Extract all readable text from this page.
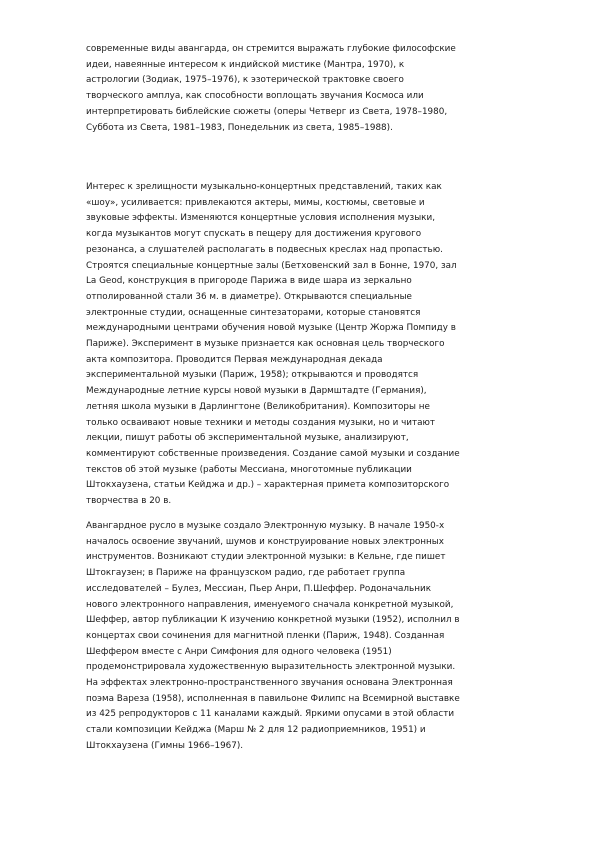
современные виды авангарда, он стремится выражать глубокие философские
идеи, навеянные интересом к индийской мистике (Мантра, 1970), к
астрологии (Зодиак, 1975–1976), к эзотерической трактовке своего
творческого амплуа, как способности воплощать звучания Космоса или
интерпретировать библейские сюжеты (оперы Четверг из Света, 1978–1980,
Суббота из Света, 1981–1983, Понедельник из света, 1985–1988).

Интерес к зрелищности музыкально-концертных представлений, таких как
«шоу», усиливается: привлекаются актеры, мимы, костюмы, световые и
звуковые эффекты. Изменяются концертные условия исполнения музыки,
когда музыкантов могут спускать в пещеру для достижения кругового
резонанса, а слушателей располагать в подвесных креслах над пропастью.
Строятся специальные концертные залы (Бетховенский зал в Бонне, 1970, зал
La Geod, конструкция в пригороде Парижа в виде шара из зеркально
отполированной стали 36 м. в диаметре). Открываются специальные
электронные студии, оснащенные синтезаторами, которые становятся
международными центрами обучения новой музыке (Центр Жоржа Помпиду в
Париже). Эксперимент в музыке признается как основная цель творческого
акта композитора. Проводится Первая международная декада
экспериментальной музыки (Париж, 1958); открываются и проводятся
Международные летние курсы новой музыки в Дармштадте (Германия),
летняя школа музыки в Дарлингтоне (Великобритания). Композиторы не
только осваивают новые техники и методы создания музыки, но и читают
лекции, пишут работы об экспериментальной музыке, анализируют,
комментируют собственные произведения. Создание самой музыки и создание
текстов об этой музыке (работы Мессиана, многотомные публикации
Штокхаузена, статьи Кейджа и др.) – характерная примета композиторского
творчества в 20 в.

Авангардное русло в музыке создало Электронную музыку. В начале 1950-х
началось освоение звучаний, шумов и конструирование новых электронных
инструментов. Возникают студии электронной музыки: в Кельне, где пишет
Штокгаузен; в Париже на французском радио, где работает группа
исследователей – Булез, Мессиан, Пьер Анри, П.Шеффер. Родоначальник
нового электронного направления, именуемого сначала конкретной музыкой,
Шеффер, автор публикации К изучению конкретной музыки (1952), исполнил в
концертах свои сочинения для магнитной пленки (Париж, 1948). Созданная
Шеффером вместе с Анри Симфония для одного человека (1951)
продемонстрировала художественную выразительность электронной музыки.
На эффектах электронно-пространственного звучания основана Электронная
поэма Вареза (1958), исполненная в павильоне Филипс на Всемирной выставке
из 425 репродукторов с 11 каналами каждый. Яркими опусами в этой области
стали композиции Кейджа (Марш № 2 для 12 радиоприемников, 1951) и
Штокхаузена (Гимны 1966–1967).
